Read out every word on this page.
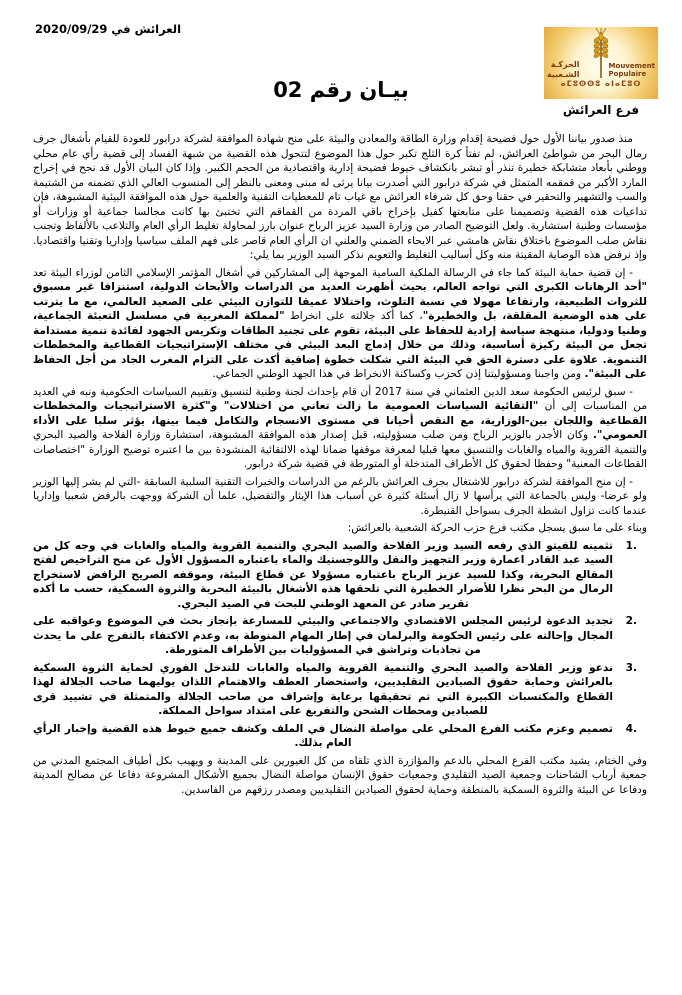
العرائش في 2020/09/29
Mouvement
Populaire
الحركـة
الشـعبية
ⴰⵎⵓⵙⵙⵓ ⴰⵏⴰⵎⵓⵔ
فرع العرائش
بيـان رقم 02

منذ صدور بياننا الأول حول فضيحة إقدام وزارة الطاقة والمعادن والبيئة على منح شهادة الموافقة لشركة درابور للعودة للقيام بأشغال جرف رمال البحر من شواطئ العرائش، لم تفتأ كرة الثلج تكبر حول هذا الموضوع لتتحول هذه القضية من شبهة الفساد إلى قضية رأي عام محلي ووطني بأبعاد متشابكة خطيرة تنذر أو تبشر بانكشاف خيوط فضيحة إدارية واقتصادية من الحجم الكبير. وإذا كان البيان الأول قد نجح في إخراج المارد الأكبر من قمقمه المتمثل في شركة درابور التي أصدرت بيانا يرثى له مبنى ومعنى بالنظر إلى المنسوب العالي الذي تضمنه من الشتيمة والسب والتشهير والتحقير في حقنا وحق كل شرفاء العرائش مع غياب تام للمعطيات التقنية والعلمية حول هذه الموافقة البيئية المشبوهة، فإن تداعيات هذه القضية وتصميمنا على متابعتها كفيل بإخراج باقي المردة من القماقم التي تختبئ بها كانت مجالسا جماعية أو وزارات أو مؤسسات وطنية استشارية. ولعل التوضيح الصادر من وزارة السيد عزيز الرباح عنوان بارز لمحاولة تغليط الرأي العام والتلاعب بالألفاظ وتجنب نقاش صلب الموضوع باختلاق نقاش هامشي عبر الايحاء الضمني والعلني ان الرأي العام قاصر على فهم الملف سياسيا وإداريا وتقنيا واقتصاديا. وإذ نرفض هذه الوصاية المقيتة منه وكل أساليب التغليط والتعويم نذكر السيد الوزير بما يلي:

- إن قضية حماية البيئة كما جاء في الرسالة الملكية السامية الموجهة إلى المشاركين في أشغال المؤتمر الإسلامي الثامن لوزراء البيئة تعد "أحد الرهانات الكبرى التي تواجه العالم، بحيث أظهرت العديد من الدراسات والأبحاث الدولية، استنزافا غير مسبوق للثروات الطبيعية، وارتفاعا مهولا في نسبة التلوث، واختلالا عميقا للتوازن البيئي على الصعيد العالمي، مع ما يترتب على هذه الوضعية المقلقة، بل والخطيرة"، كما أكد جلالته على انخراط "لمملكة المغربية في مسلسل التعبئة الجماعية، وطنيا ودوليا، منتهجة سياسة إرادية للحفاظ على البيئة، تقوم على تجنيد الطاقات وتكريس الجهود لفائدة تنمية مستدامة تجعل من البيئة ركيزة أساسية، وذلك من خلال إدماج البعد البيئي في مختلف الإستراتيجيات القطاعية والمخططات التنموية. علاوة على دسترة الحق في البيئة التي شكلت خطوة إضافية أكدت على التزام المغرب الجاد من أجل الحفاظ على البيئة". ومن واجبنا ومسؤوليتنا إذن كحزب وكساكنة الانخراط في هذا الجهد الوطني الجماعي.

- سبق لرئيس الحكومة سعد الدين العثماني في سنة 2017 أن قام بإحداث لجنة وطنية لتنسيق وتقييم السياسات الحكومية ونبه في العديد من المناسبات إلى أن "التقائية السياسات العمومية ما زالت تعاني من اختلالات" و"كثرة الاستراتيجيات والمخططات القطاعية واللجان بين-الوزارية، مع النقص أحيانا في مستوى الانسجام والتكامل فيما بينها، يؤثر سلبا على الأداء العمومي". وكان الأجدر بالوزير الرباح ومن صلب مسؤوليته، قبل إصدار هذه الموافقة المشبوهة، استشارة وزارة الفلاحة والصيد البحري والتنمية القروية والمياه والغابات والتنسيق معها قبليا لمعرفة موقفها ضمانا لهذه الالتقائية المنشودة بين ما اعتبره توضيح الوزارة "اختصاصات القطاعات المعنية" وحفظا لحقوق كل الأطراف المتدخلة أو المتورطة في قضية شركة درابور.

- إن منح الموافقة لشركة درابور للاشتغال بجرف العرائش بالرغم من الدراسات والخبرات التقنية السلبية السابقة -التي لم يشر إليها الوزير ولو عرضا- وليس بالجماعة التي يرأسها لا زال أسئلة كثيرة عن أسباب هذا الإيثار والتفضيل، علما أن الشركة ووجهت بالرفض شعبيا وإداريا عندما كانت تزاول انشطة الجرف بسواحل القنيطرة.

وبناء على ما سبق يسجل مكتب فرع حزب الحركة الشعبية بالعرائش:

1.
تثمينه للفيتو الذي رفعه السيد وزير الفلاحة والصيد البحري والتنمية القروية والمياه والغابات في وجه كل من السيد عبد القادر اعمارة وزير التجهيز والنقل واللوجستيك والماء باعتباره المسؤول الأول عن منح التراخيص لفتح المقالع البحرية، وكذا للسيد عزيز الرباح باعتباره مسؤولا عن قطاع البيئة، وموقفه الصريح الرافض لاستخراج الرمال من البحر نظرا للأضرار الخطيرة التي تلحقها هذه الأشغال بالبيئة البحرية والثروة السمكية، حسب ما أكده تقرير صادر عن المعهد الوطني للبحث في الصيد البحري.
2.
تجديد الدعوة لرئيس المجلس الاقتصادي والاجتماعي والبيئي للمسارعة بإنجاز بحث في الموضوع وعواقبه على المجال وإحالته على رئيس الحكومة والبرلمان في إطار المهام المنوطة به، وعدم الاكتفاء بالتفرج على ما يحدث من تجاذبات وتراشق في المسؤوليات بين الأطراف المتورطة.
3.
ندعو وزير الفلاحة والصيد البحري والتنمية القروية والمياه والغابات للتدخل الفوري لحماية الثروة السمكية بالعرائش وحماية حقوق الصيادين التقليديين، واستحضار العطف والاهتمام اللذان يوليهما صاحب الجلالة لهذا القطاع والمكتسبات الكبيرة التي تم تحقيقها برعاية وإشراف من صاحب الجلالة والمتمثلة في تشييد قرى للصيادين ومحطات الشحن والتفريغ على امتداد سواحل المملكة.
4.
تصميم وعزم مكتب الفرع المحلي على مواصلة النضال في الملف وكشف جميع خيوط هذه القضية وإخبار الرأي العام بذلك.

وفي الختام، يشيد مكتب الفرع المحلي بالدعم والمؤازرة الذي تلقاه من كل الغيورين على المدينة و ويهيب بكل أطياف المجتمع المدني من جمعية أرباب الشاحنات وجمعية الصيد التقليدي وجمعيات حقوق الإنسان مواصلة النضال بجميع الأشكال المشروعة دفاعا عن مصالح المدينة ودفاعا عن البيئة والثروة السمكية بالمنطقة وحماية لحقوق الصيادين التقليديين ومصدر رزقهم من الفاسدين.
